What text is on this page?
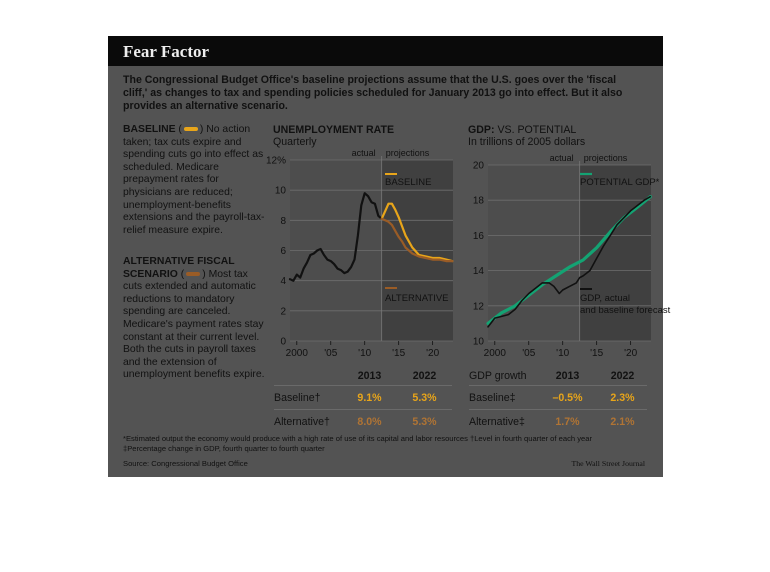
Fear Factor
The Congressional Budget Office's baseline projections assume that the U.S. goes over the 'fiscal cliff,' as changes to tax and spending policies scheduled for January 2013 go into effect. But it also provides an alternative scenario.
BASELINE ( ) No action taken; tax cuts expire and spending cuts go into effect as scheduled. Medicare prepayment rates for physicians are reduced; unemployment-benefits extensions and the payroll-tax-relief measure expire.
ALTERNATIVE FISCAL SCENARIO ( ) Most tax cuts extended and automatic reductions to mandatory spending are canceled. Medicare's payment rates stay constant at their current level. Both the cuts in payroll taxes and the extension of unemployment benefits expire.
UNEMPLOYMENT RATE
Quarterly
GDP: VS. POTENTIAL
In trillions of 2005 dollars
0
2
4
6
8
10
12%
2000 '05 '10 '15 '20
actual projections
BASELINE
ALTERNATIVE
10
12
14
16
18
20
2000 '05 '10 '15 '20
actual projections
POTENTIAL GDP*
GDP, actual and baseline forecast
	2013	2022
Baseline†	9.1%	5.3%
Alternative†	8.0%	5.3%
GDP growth	2013	2022
Baseline‡	–0.5%	2.3%
Alternative‡	1.7%	2.1%
*Estimated output the economy would produce with a high rate of use of its capital and labor resources †Level in fourth quarter of each year
‡Percentage change in GDP, fourth quarter to fourth quarter
Source: Congressional Budget Office	The Wall Street Journal
